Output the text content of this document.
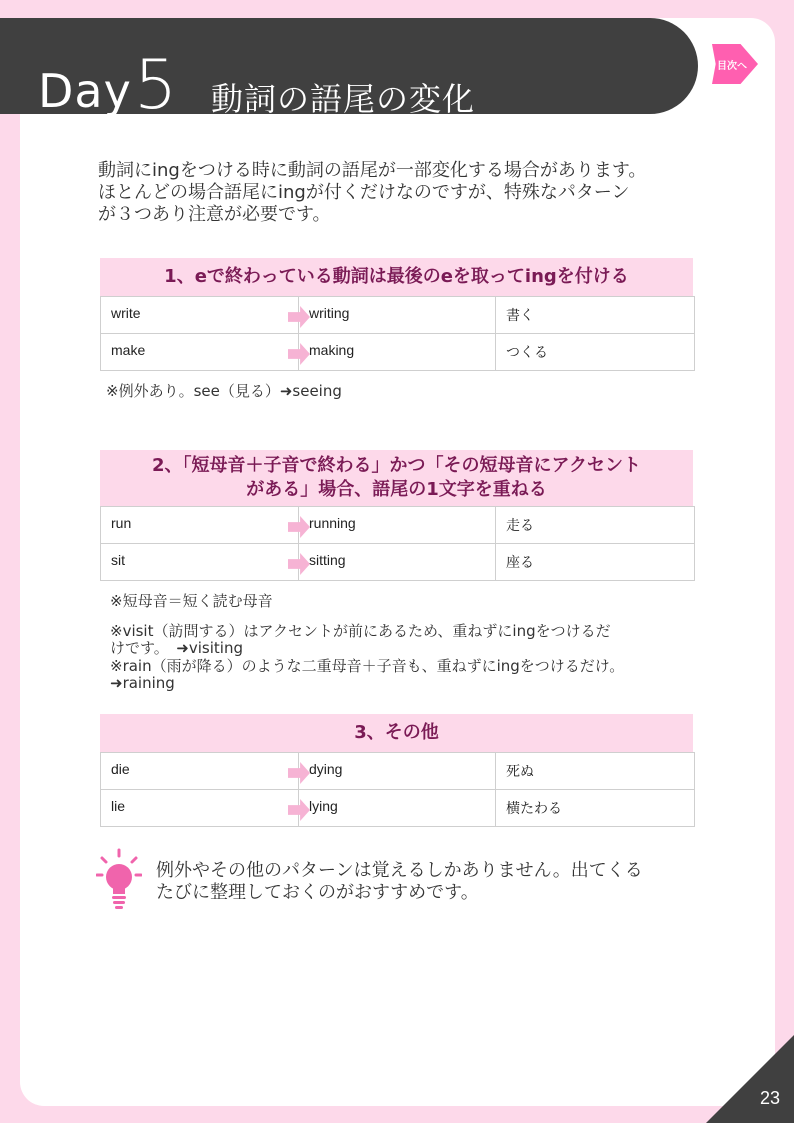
Day 5 動詞の語尾の変化
目次へ
動詞にingをつける時に動詞の語尾が一部変化する場合があります。
ほとんどの場合語尾にingが付くだけなのですが、特殊なパターン
が３つあり注意が必要です。
1、eで終わっている動詞は最後のeを取ってingを付ける
write	writing	書く
make	making	つくる
※例外あり。see（見る）➜seeing
2、「短母音＋子音で終わる」かつ「その短母音にアクセント
がある」場合、語尾の1文字を重ねる
run	running	走る
sit	sitting	座る
※短母音＝短く読む母音
※visit（訪問する）はアクセントが前にあるため、重ねずにingをつけるだ
けです。　➜visiting
※rain（雨が降る）のような二重母音＋子音も、重ねずにingをつけるだけ。
➜raining
3、その他
die	dying	死ぬ
lie	lying	横たわる
例外やその他のパターンは覚えるしかありません。出てくる
たびに整理しておくのがおすすめです。
23
